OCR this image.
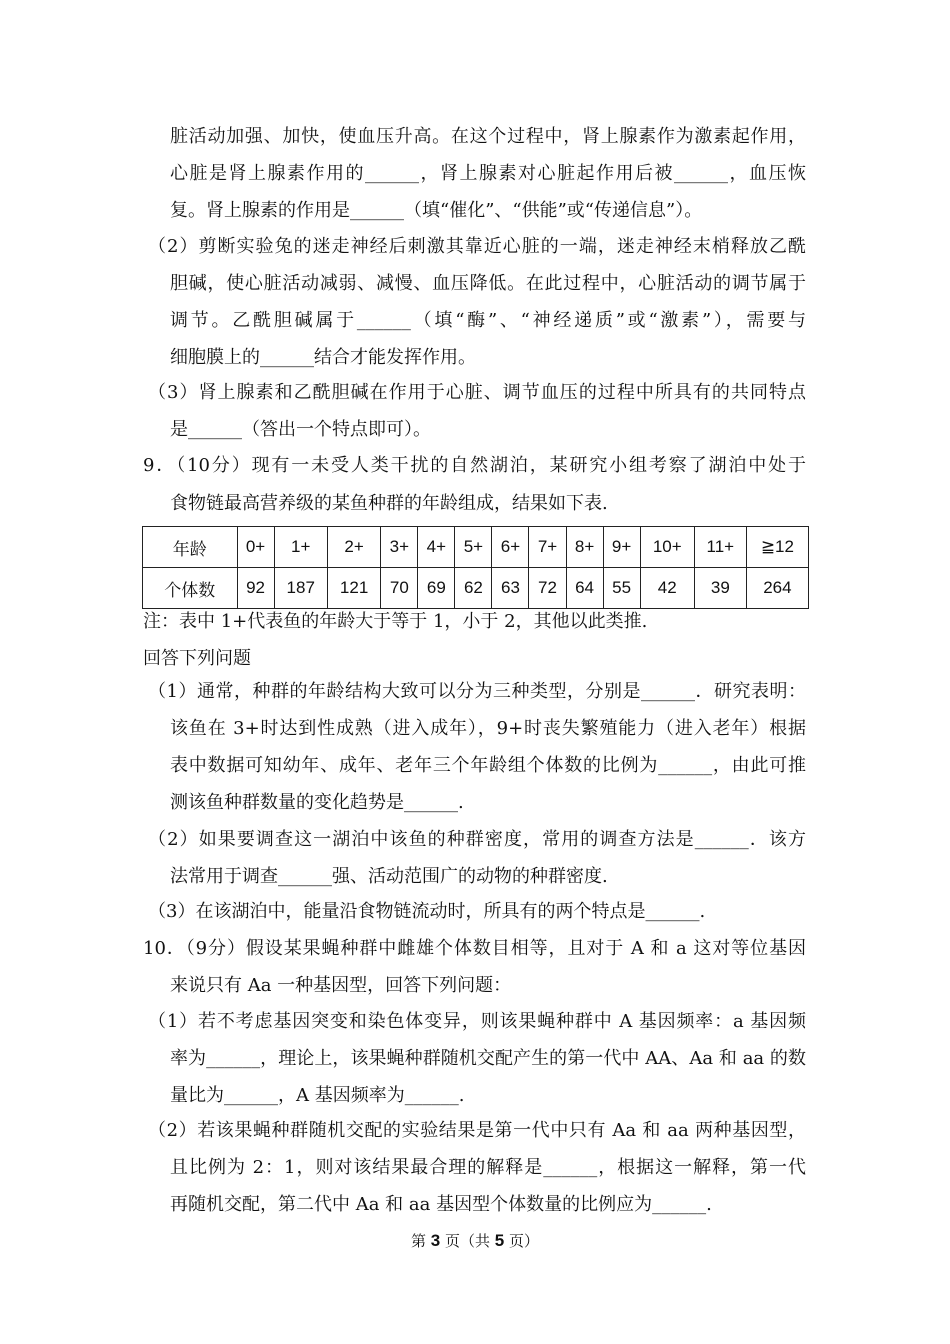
脏活动加强、加快，使血压升高。在这个过程中，肾上腺素作为激素起作用，
心脏是肾上腺素作用的______，肾上腺素对心脏起作用后被______，血压恢
复。肾上腺素的作用是______（填“催化”、“供能”或“传递信息”）。
（2）剪断实验兔的迷走神经后刺激其靠近心脏的一端，迷走神经末梢释放乙酰
胆碱，使心脏活动减弱、减慢、血压降低。在此过程中，心脏活动的调节属于
调节。乙酰胆碱属于______（填“酶”、“神经递质”或“激素”），需要与
细胞膜上的______结合才能发挥作用。
（3）肾上腺素和乙酰胆碱在作用于心脏、调节血压的过程中所具有的共同特点
是______（答出一个特点即可）。
9．（10分）现有一未受人类干扰的自然湖泊，某研究小组考察了湖泊中处于
食物链最高营养级的某鱼种群的年龄组成，结果如下表.
注：表中 1+代表鱼的年龄大于等于 1，小于 2，其他以此类推.
回答下列问题
（1）通常，种群的年龄结构大致可以分为三种类型，分别是______．研究表明：
该鱼在 3+时达到性成熟（进入成年），9+时丧失繁殖能力（进入老年）根据
表中数据可知幼年、成年、老年三个年龄组个体数的比例为______，由此可推
测该鱼种群数量的变化趋势是______.
（2）如果要调查这一湖泊中该鱼的种群密度，常用的调查方法是______．该方
法常用于调查______强、活动范围广的动物的种群密度.
（3）在该湖泊中，能量沿食物链流动时，所具有的两个特点是______.
10．（9分）假设某果蝇种群中雌雄个体数目相等，且对于 A 和 a 这对等位基因
来说只有 Aa 一种基因型，回答下列问题：
（1）若不考虑基因突变和染色体变异，则该果蝇种群中 A 基因频率：a 基因频
率为______，理论上，该果蝇种群随机交配产生的第一代中 AA、Aa 和 aa 的数
量比为______，A 基因频率为______.
（2）若该果蝇种群随机交配的实验结果是第一代中只有 Aa 和 aa 两种基因型，
且比例为 2：1，则对该结果最合理的解释是______，根据这一解释，第一代
再随机交配，第二代中 Aa 和 aa 基因型个体数量的比例应为______.
年龄	0+	1+	2+	3+	4+	5+	6+	7+	8+	9+	10+	11+	≧12
个体数	92	187	121	70	69	62	63	72	64	55	42	39	264
第 3 页（共 5 页）
